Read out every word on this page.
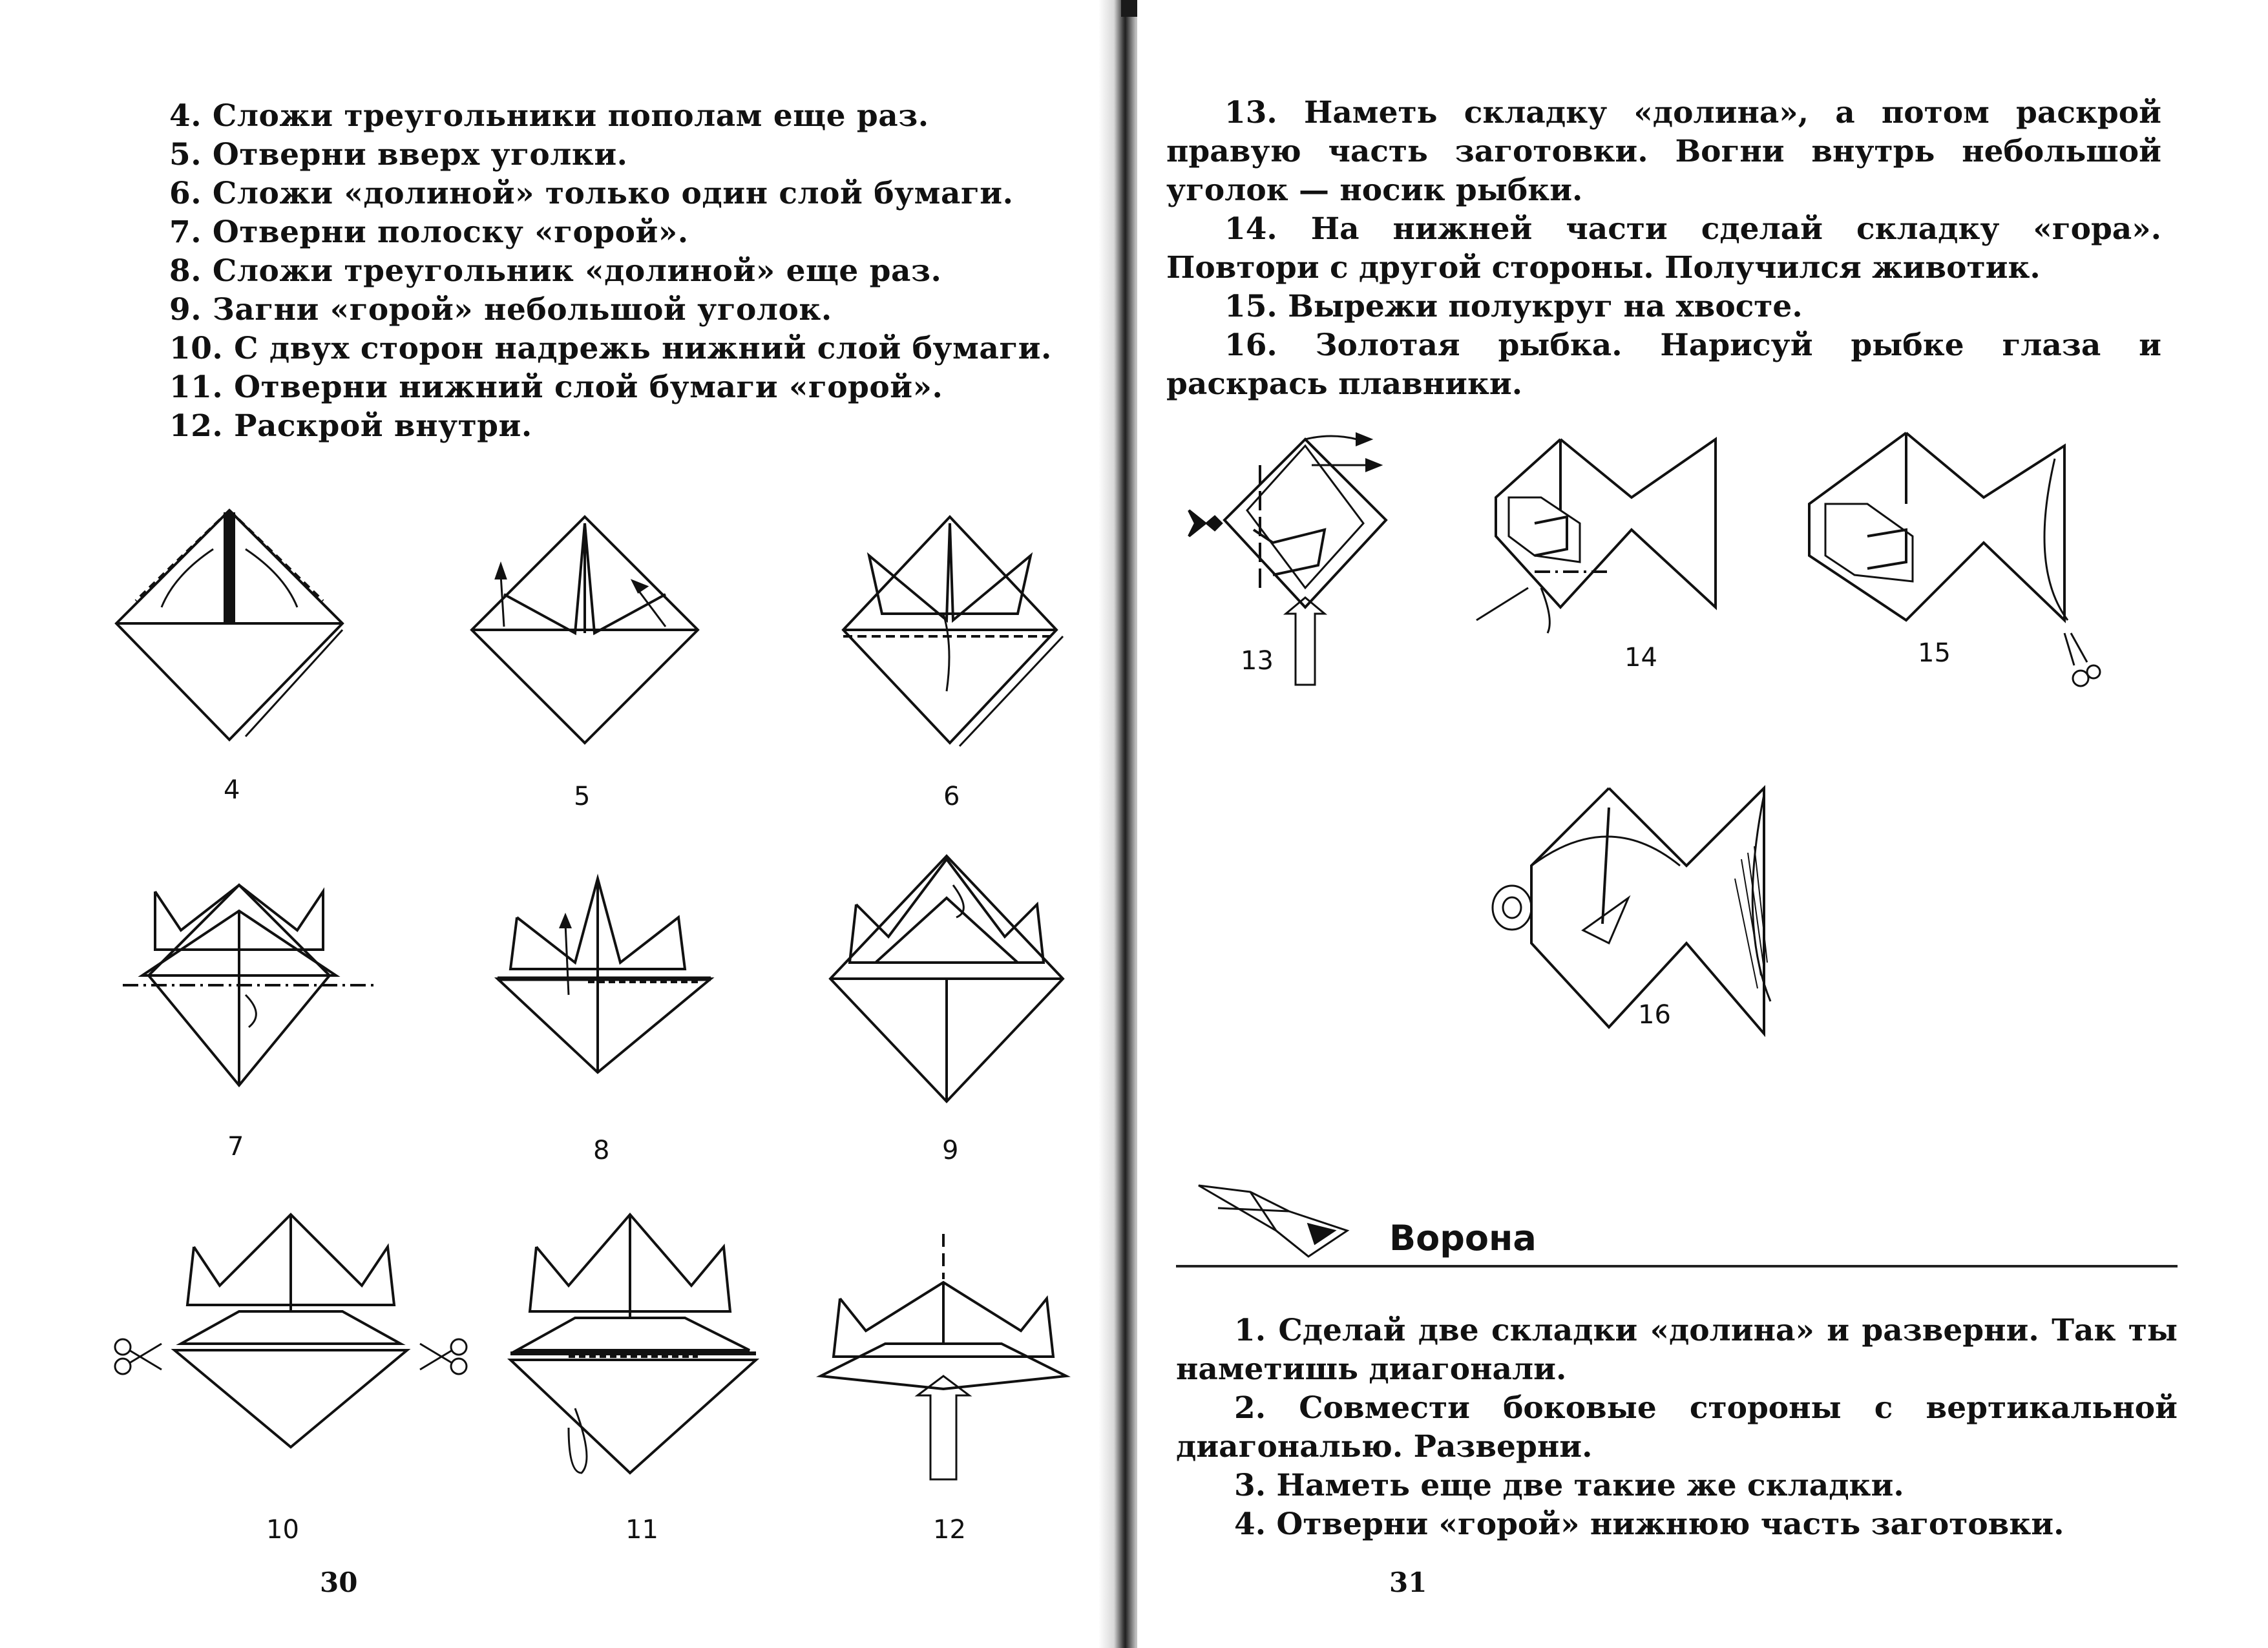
4. Сложи треугольники пополам еще раз.
5. Отверни вверх уголки.
6. Сложи «долиной» только один слой бумаги.
7. Отверни полоску «горой».
8. Сложи треугольник «долиной» еще раз.
9. Загни «горой» небольшой уголок.
10. С двух сторон надрежь нижний слой бумаги.
11. Отверни нижний слой бумаги «горой».
12. Раскрой внутри.
4	5	6
7	8	9
10	11	12
30
13. Наметь складку «долина», а потом раскрой правую часть заготовки. Вогни внутрь небольшой уголок — носик рыбки.
14. На нижней части сделай складку «гора». Повтори с другой стороны. Получился животик.
15. Вырежи полукруг на хвосте.
16. Золотая рыбка. Нарисуй рыбке глаза и раскрась плавники.
13	14	15
16
Ворона
1. Сделай две складки «долина» и разверни. Так ты наметишь диагонали.
2. Совмести боковые стороны с вертикальной диагональю. Разверни.
3. Наметь еще две такие же складки.
4. Отверни «горой» нижнюю часть заготовки.
31
